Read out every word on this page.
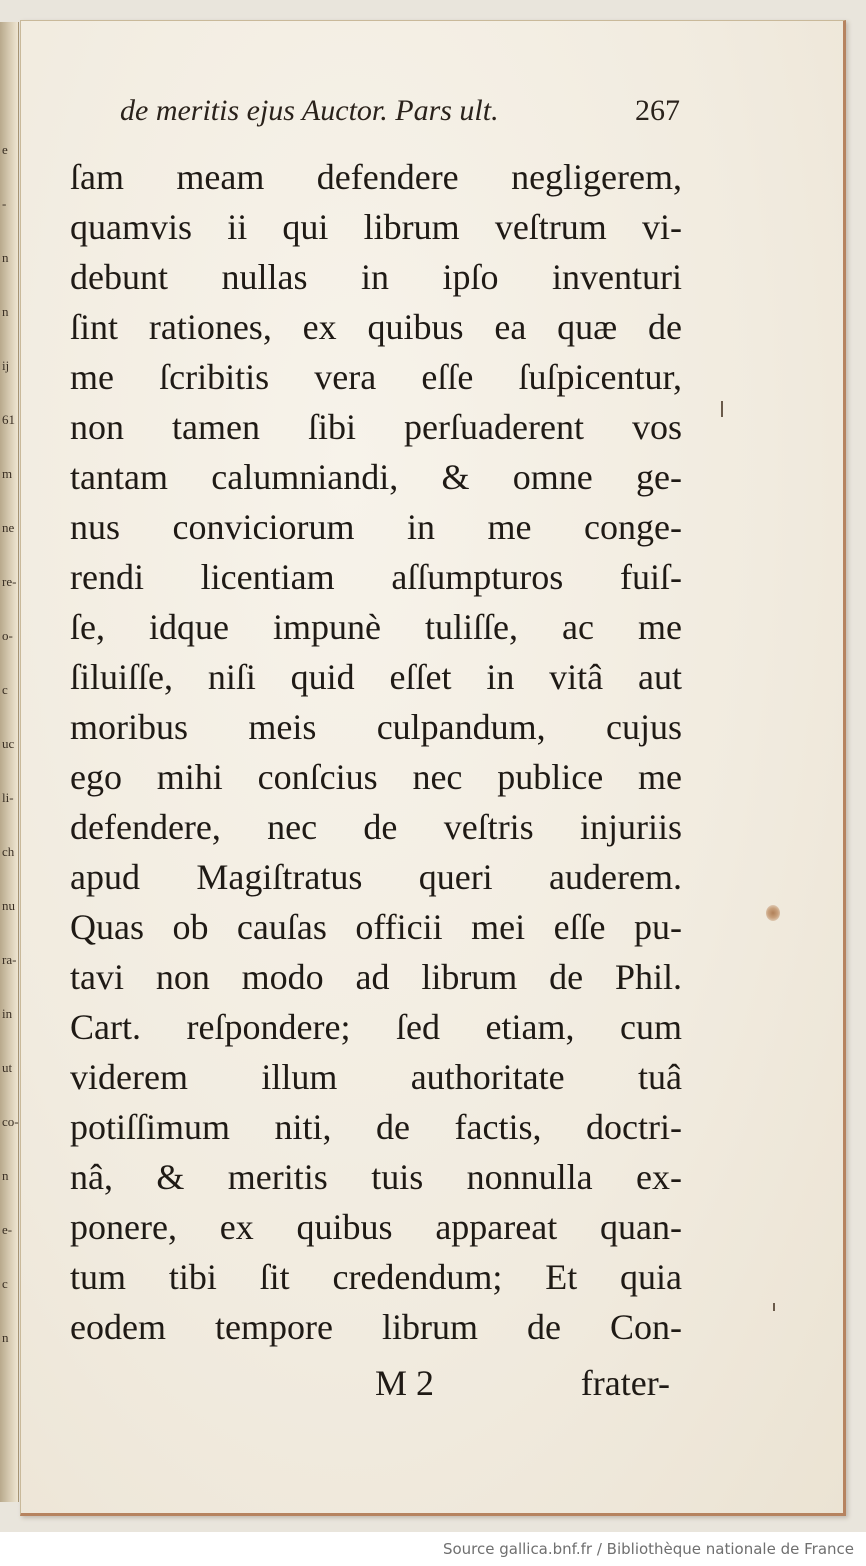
e
-
n
n
ĳ
61
m
ne
re-
o-
c
uc
li-
ch
nu
ra-
in
ut
co-
n
e-
c
n
de meritis ejus Auctor. Pars ult.	267
ſam meam defendere negligerem,
quamvis ii qui librum veſtrum vi-
debunt nullas in ipſo inventuri
ſint rationes, ex quibus ea quæ de
me ſcribitis vera eſſe ſuſpicentur,
non tamen ſibi perſuaderent vos
tantam calumniandi, & omne ge-
nus conviciorum in me conge-
rendi licentiam aſſumpturos fuiſ-
ſe, idque impunè tuliſſe, ac me
ſiluiſſe, niſi quid eſſet in vitâ aut
moribus meis culpandum, cujus
ego mihi conſcius nec publice me
defendere, nec de veſtris injuriis
apud Magiſtratus queri auderem.
Quas ob cauſas officii mei eſſe pu-
tavi non modo ad librum de Phil.
Cart. reſpondere; ſed etiam, cum
viderem illum authoritate tuâ
potiſſimum niti, de factis, doctri-
nâ, & meritis tuis nonnulla ex-
ponere, ex quibus appareat quan-
tum tibi ſit credendum; Et quia
eodem tempore librum de Con-
M 2	frater-
Source gallica.bnf.fr / Bibliothèque nationale de France
